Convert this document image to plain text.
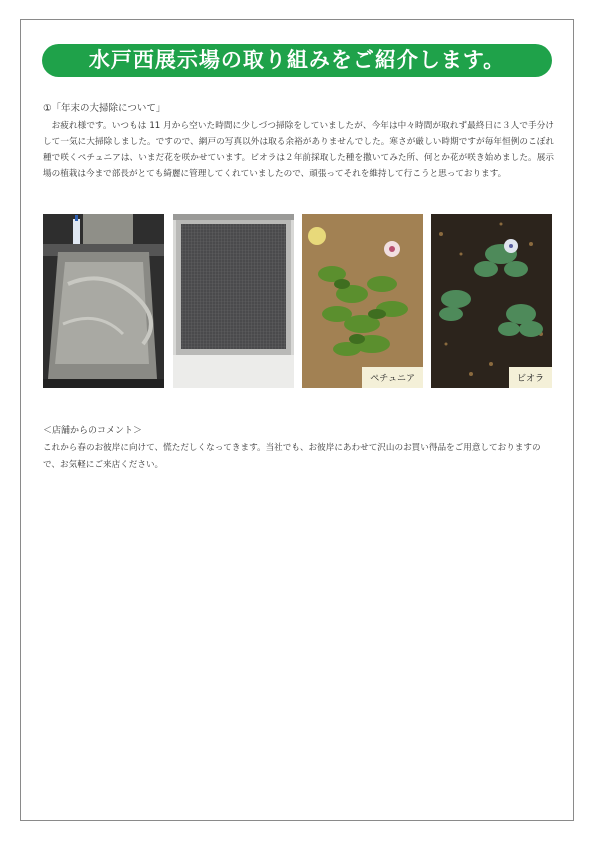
水戸西展示場の取り組みをご紹介します。
①「年末の大掃除について」
お疲れ様です。いつもは 11 月から空いた時間に少しづつ掃除をしていましたが、今年は中々時間が取れず最終日に３人で手分けして一気に大掃除しました。ですので、網戸の写真以外は取る余裕がありませんでした。寒さが厳しい時期ですが毎年恒例のこぼれ種で咲くペチュニアは、いまだ花を咲かせています。ビオラは２年前採取した種を撒いてみた所、何とか花が咲き始めました。展示場の植栽は今まで部長がとても綺麗に管理してくれていましたので、頑張ってそれを維持して行こうと思っております。
ペチュニア	ビオラ
＜店舗からのコメント＞
これから春のお彼岸に向けて、慌ただしくなってきます。当社でも、お彼岸にあわせて沢山のお買い得品をご用意しておりますので、お気軽にご来店ください。
